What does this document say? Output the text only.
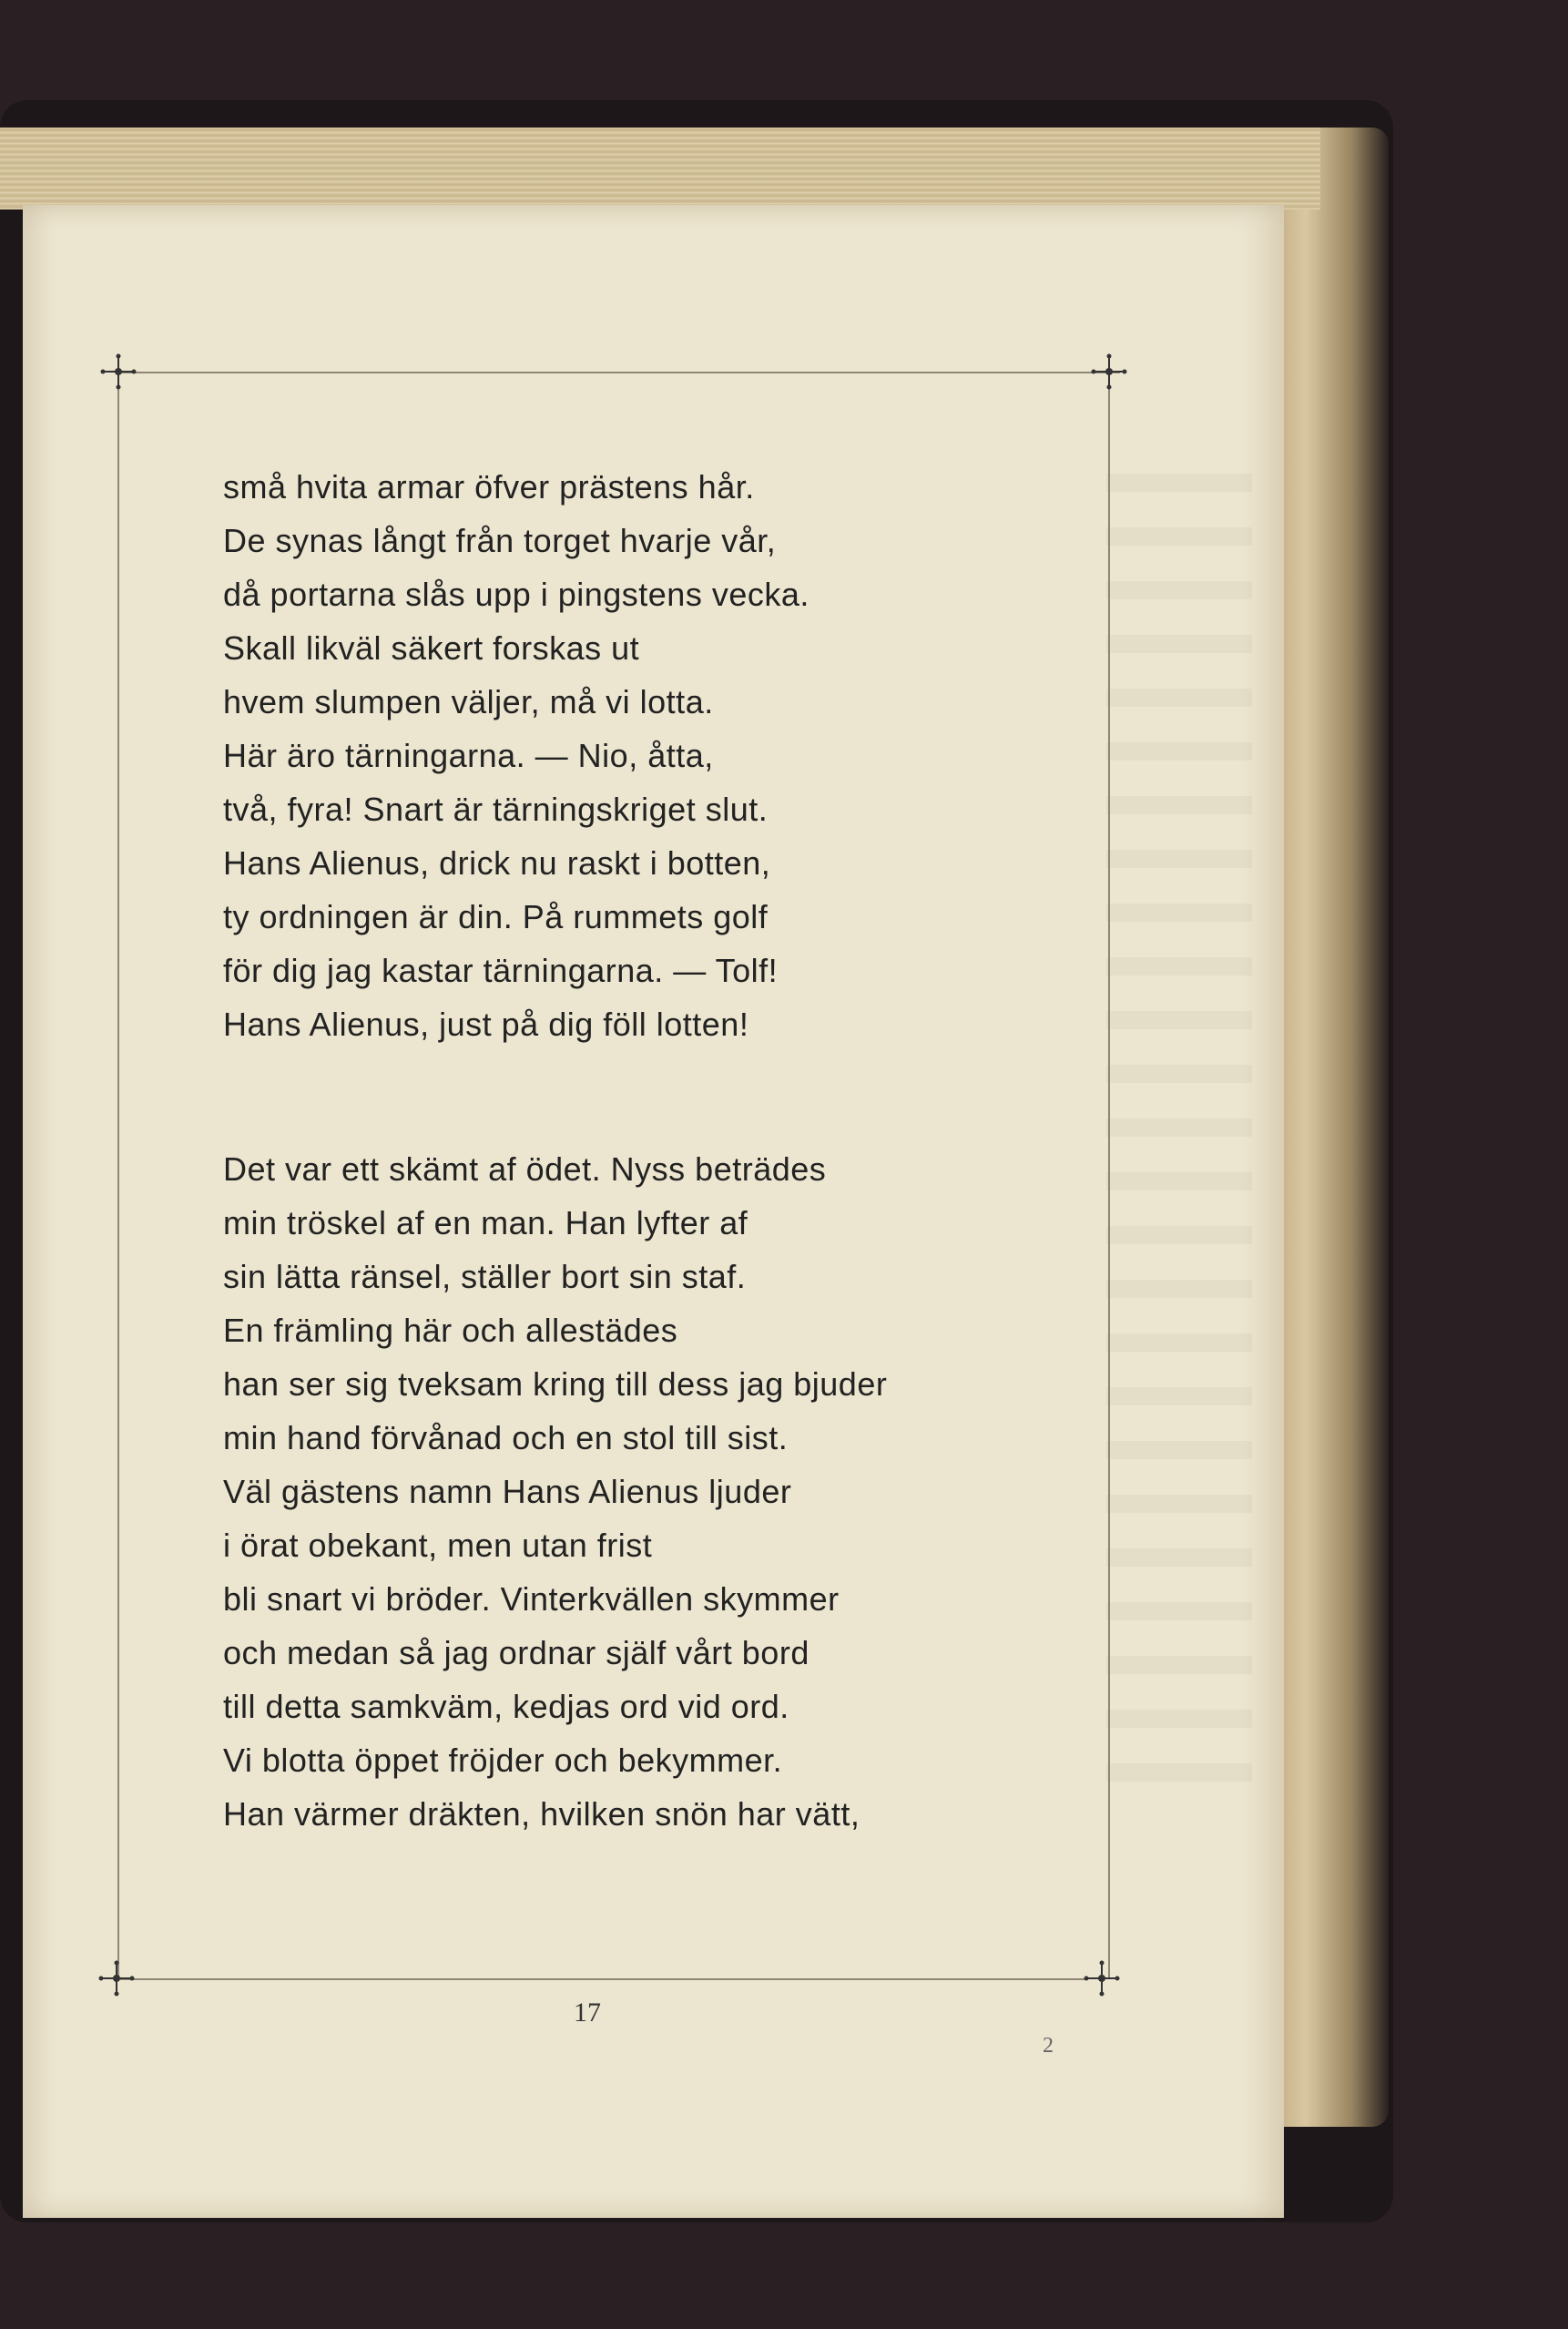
små hvita armar öfver prästens hår.
De synas långt från torget hvarje vår,
då portarna slås upp i pingstens vecka.
Skall likväl säkert forskas ut
hvem slumpen väljer, må vi lotta.
Här äro tärningarna. — Nio, åtta,
två, fyra! Snart är tärningskriget slut.
Hans Alienus, drick nu raskt i botten,
ty ordningen är din. På rummets golf
för dig jag kastar tärningarna. — Tolf!
Hans Alienus, just på dig föll lotten!
Det var ett skämt af ödet. Nyss beträdes
min tröskel af en man. Han lyfter af
sin lätta ränsel, ställer bort sin staf.
En främling här och allestädes
han ser sig tveksam kring till dess jag bjuder
min hand förvånad och en stol till sist.
Väl gästens namn Hans Alienus ljuder
i örat obekant, men utan frist
bli snart vi bröder. Vinterkvällen skymmer
och medan så jag ordnar själf vårt bord
till detta samkväm, kedjas ord vid ord.
Vi blotta öppet fröjder och bekymmer.
Han värmer dräkten, hvilken snön har vätt,
17
2
